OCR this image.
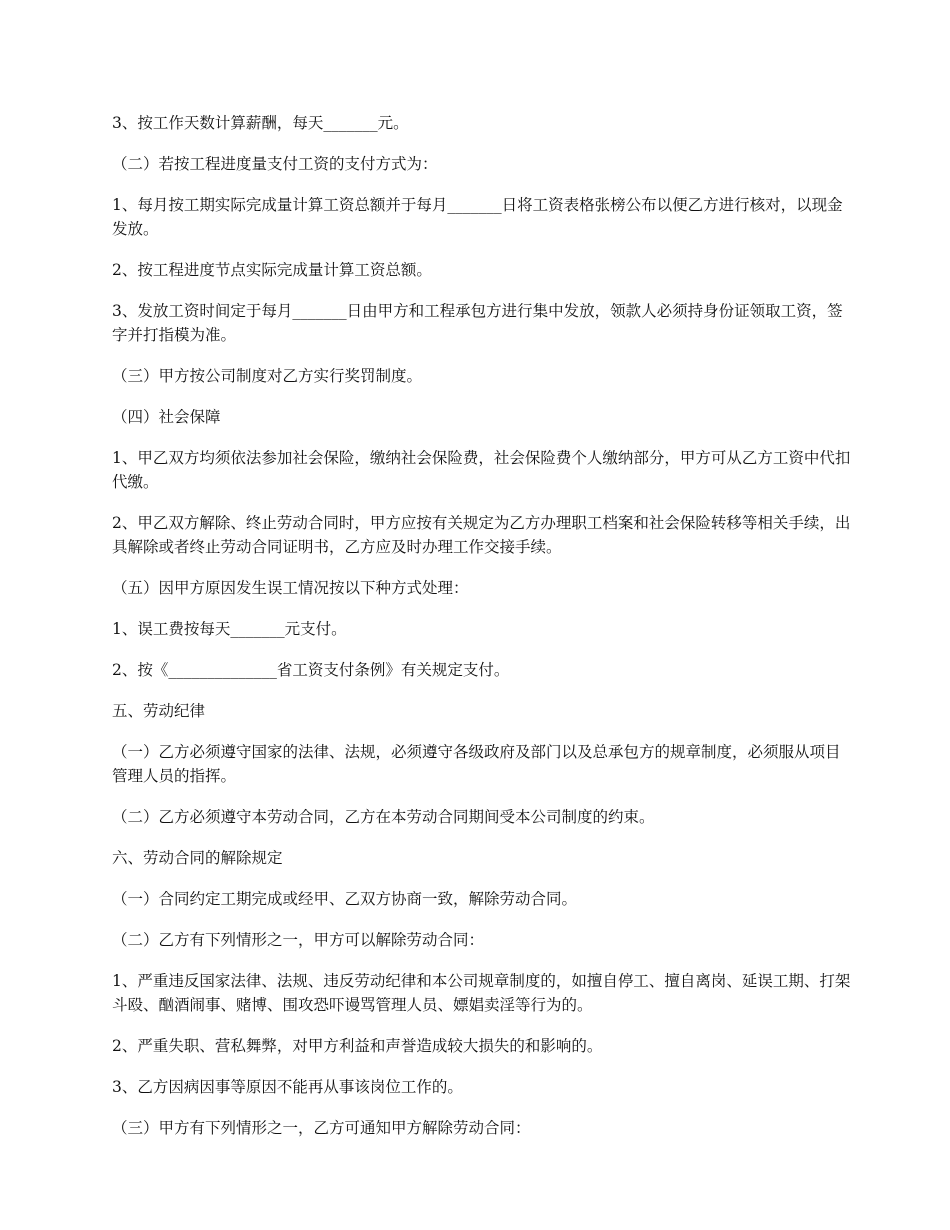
3、按工作天数计算薪酬，每天_______元。

（二）若按工程进度量支付工资的支付方式为：

1、每月按工期实际完成量计算工资总额并于每月_______日将工资表格张榜公布以便乙方进行核对，以现金发放。

2、按工程进度节点实际完成量计算工资总额。

3、发放工资时间定于每月_______日由甲方和工程承包方进行集中发放，领款人必须持身份证领取工资，签字并打指模为准。

（三）甲方按公司制度对乙方实行奖罚制度。

（四）社会保障

1、甲乙双方均须依法参加社会保险，缴纳社会保险费，社会保险费个人缴纳部分，甲方可从乙方工资中代扣代缴。

2、甲乙双方解除、终止劳动合同时，甲方应按有关规定为乙方办理职工档案和社会保险转移等相关手续，出具解除或者终止劳动合同证明书，乙方应及时办理工作交接手续。

（五）因甲方原因发生误工情况按以下种方式处理：

1、误工费按每天_______元支付。

2、按《______________省工资支付条例》有关规定支付。

五、劳动纪律

（一）乙方必须遵守国家的法律、法规，必须遵守各级政府及部门以及总承包方的规章制度，必须服从项目管理人员的指挥。

（二）乙方必须遵守本劳动合同，乙方在本劳动合同期间受本公司制度的约束。

六、劳动合同的解除规定

（一）合同约定工期完成或经甲、乙双方协商一致，解除劳动合同。

（二）乙方有下列情形之一，甲方可以解除劳动合同：

1、严重违反国家法律、法规、违反劳动纪律和本公司规章制度的，如擅自停工、擅自离岗、延误工期、打架斗殴、酗酒闹事、赌博、围攻恐吓谩骂管理人员、嫖娼卖淫等行为的。

2、严重失职、营私舞弊，对甲方利益和声誉造成较大损失的和影响的。

3、乙方因病因事等原因不能再从事该岗位工作的。

（三）甲方有下列情形之一，乙方可通知甲方解除劳动合同：
